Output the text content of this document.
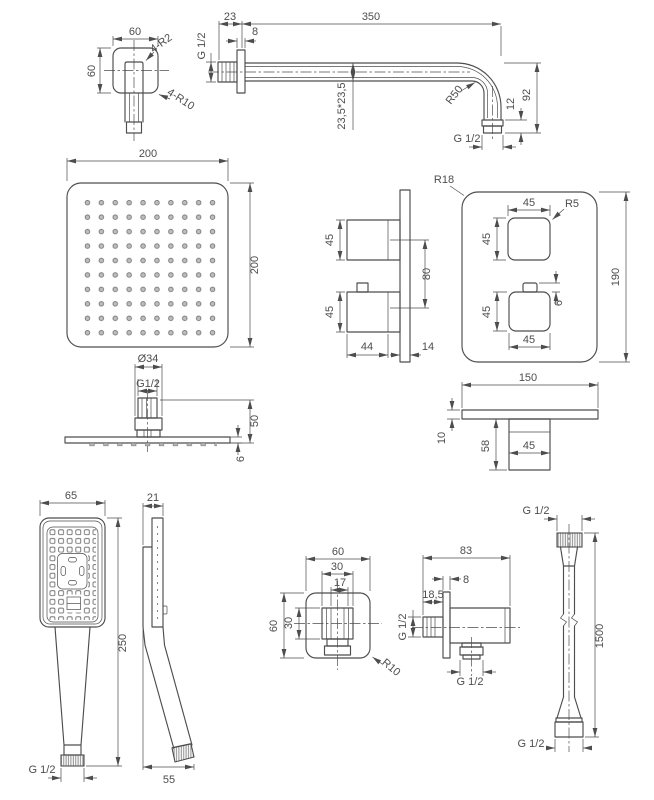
60
60
4-R2
4-R10
G 1/2
23	350
8
23,5*23,5	R50	92
12
G 1/2
200
200
Ø34
G1/2
50
6
45
45
80
44	14
R18
45	R5
45
45
6
45
190
150
10
58	45
65
250
G 1/2
21
55
60
30
17
60 30
R10
83
8
18,5
G 1/2
G 1/2
G 1/2
1500
G 1/2
